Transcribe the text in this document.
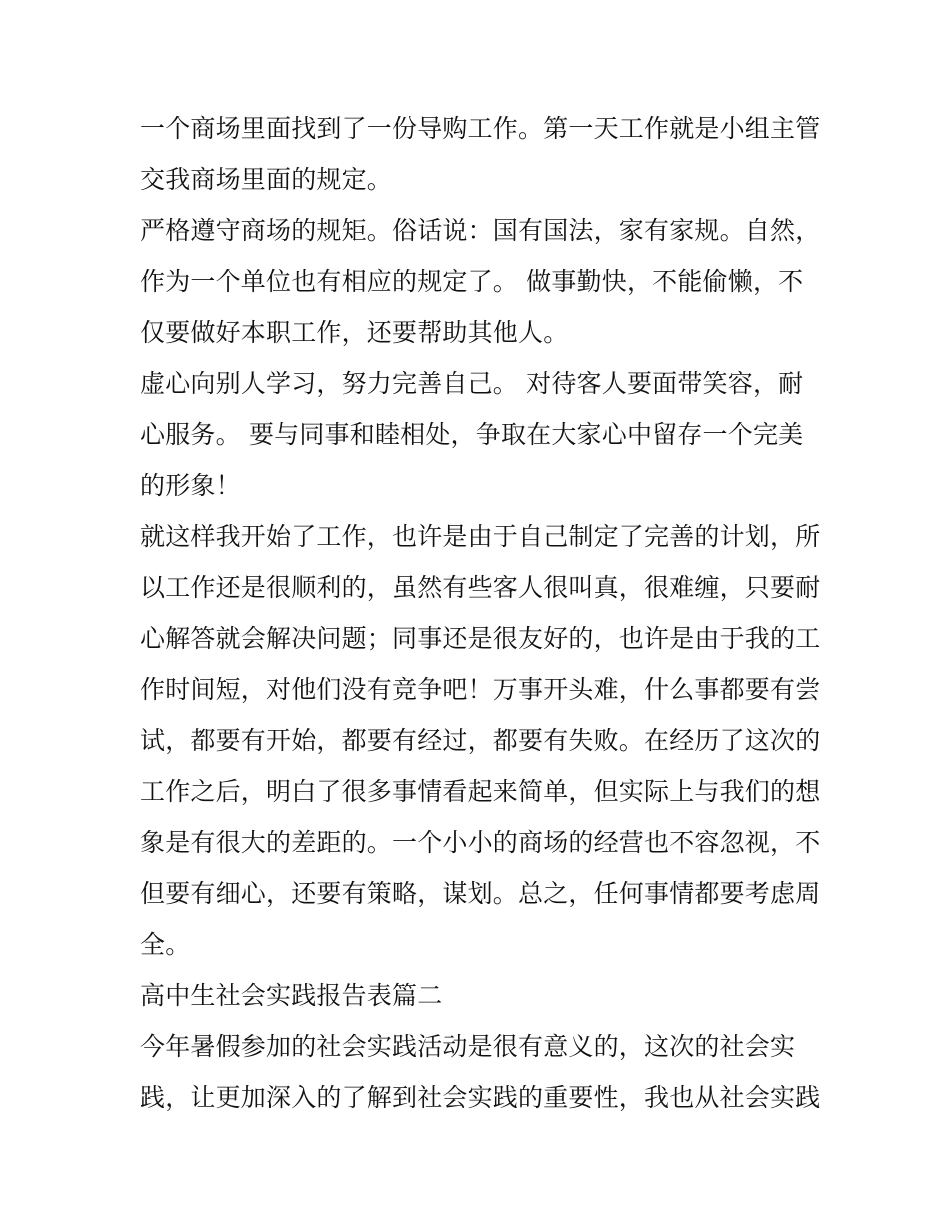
一个商场里面找到了一份导购工作。第一天工作就是小组主管
交我商场里面的规定。
严格遵守商场的规矩。俗话说：国有国法，家有家规。自然，
作为一个单位也有相应的规定了。 做事勤快，不能偷懒，不
仅要做好本职工作，还要帮助其他人。
虚心向别人学习，努力完善自己。 对待客人要面带笑容，耐
心服务。 要与同事和睦相处，争取在大家心中留存一个完美
的形象！
就这样我开始了工作，也许是由于自己制定了完善的计划，所
以工作还是很顺利的，虽然有些客人很叫真，很难缠，只要耐
心解答就会解决问题；同事还是很友好的，也许是由于我的工
作时间短，对他们没有竞争吧！万事开头难，什么事都要有尝
试，都要有开始，都要有经过，都要有失败。在经历了这次的
工作之后，明白了很多事情看起来简单，但实际上与我们的想
象是有很大的差距的。一个小小的商场的经营也不容忽视，不
但要有细心，还要有策略，谋划。总之，任何事情都要考虑周
全。
高中生社会实践报告表篇二
今年暑假参加的社会实践活动是很有意义的，这次的社会实
践，让更加深入的了解到社会实践的重要性，我也从社会实践
